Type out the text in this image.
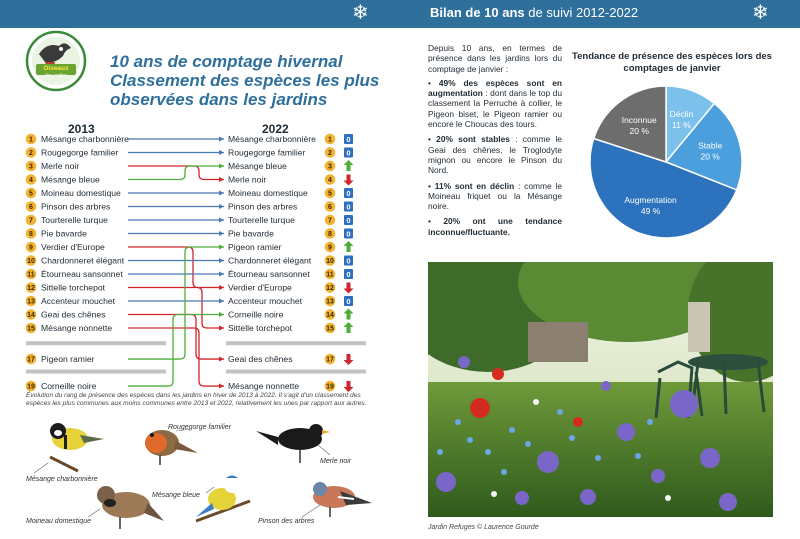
❄	Bilan de 10 ans de suivi 2012-2022	❄
Oiseaux
des jardins
10 ans de comptage hivernal
Classement des espèces les plus
observées dans les jardins
2013	2022
1 Mésange charbonnière
2 Rougegorge familier
3 Merle noir
4 Mésange bleue
5 Moineau domestique
6 Pinson des arbres
7 Tourterelle turque
8 Pie bavarde
9 Verdier d'Europe
10 Chardonneret élégant
11 Étourneau sansonnet
12 Sittelle torchepot
13 Accenteur mouchet
14 Geai des chênes
15 Mésange nonnette
17 Pigeon ramier
19 Corneille noire
Mésange charbonnière 1 0
Rougegorge familier	2 0
Mésange bleue	3
Merle noir	4
Moineau domestique	5 0
Pinson des arbres	6 0
Tourterelle turque	7 0
Pie bavarde	8 0
Pigeon ramier	9
Chardonneret élégant 10 0
Étourneau sansonnet 11 0
Verdier d'Europe	12
Accenteur mouchet	13 0
Corneille noire	14
Sittelle torchepot	15
Geai des chênes	17
Mésange nonnette	19
Évolution du rang de présence des espèces dans les jardins en hiver de 2013 à 2022. Il s'agit d'un classement des espèces les plus communes aux moins communes entre 2013 et 2022, relativement les unes par rapport aux autres.
Mésange charbonnière
Rougegorge familier
Merle noir
Mésange bleue
Moineau domestique	Pinson des arbres

Depuis 10 ans, en termes de présence dans les jardins lors du comptage de janvier :

• 49% des espèces sont en augmentation : dont dans le top du classement la Perruche à collier, le Pigeon biset, le Pigeon ramier ou encore le Choucas des tours.
• 20% sont stables : comme le Geai des chênes, le Troglodyte mignon ou encore le Pinson du Nord.
• 11% sont en déclin : comme le Moineau friquet ou la Mésange noire.
• 20% ont une tendance inconnue/fluctuante.
Tendance de présence des espèces lors des comptages de janvier
Déclin
11 %
Stable
20 %
Augmentation
49 %
Inconnue
20 %
Jardin Refuges © Laurence Gourde
